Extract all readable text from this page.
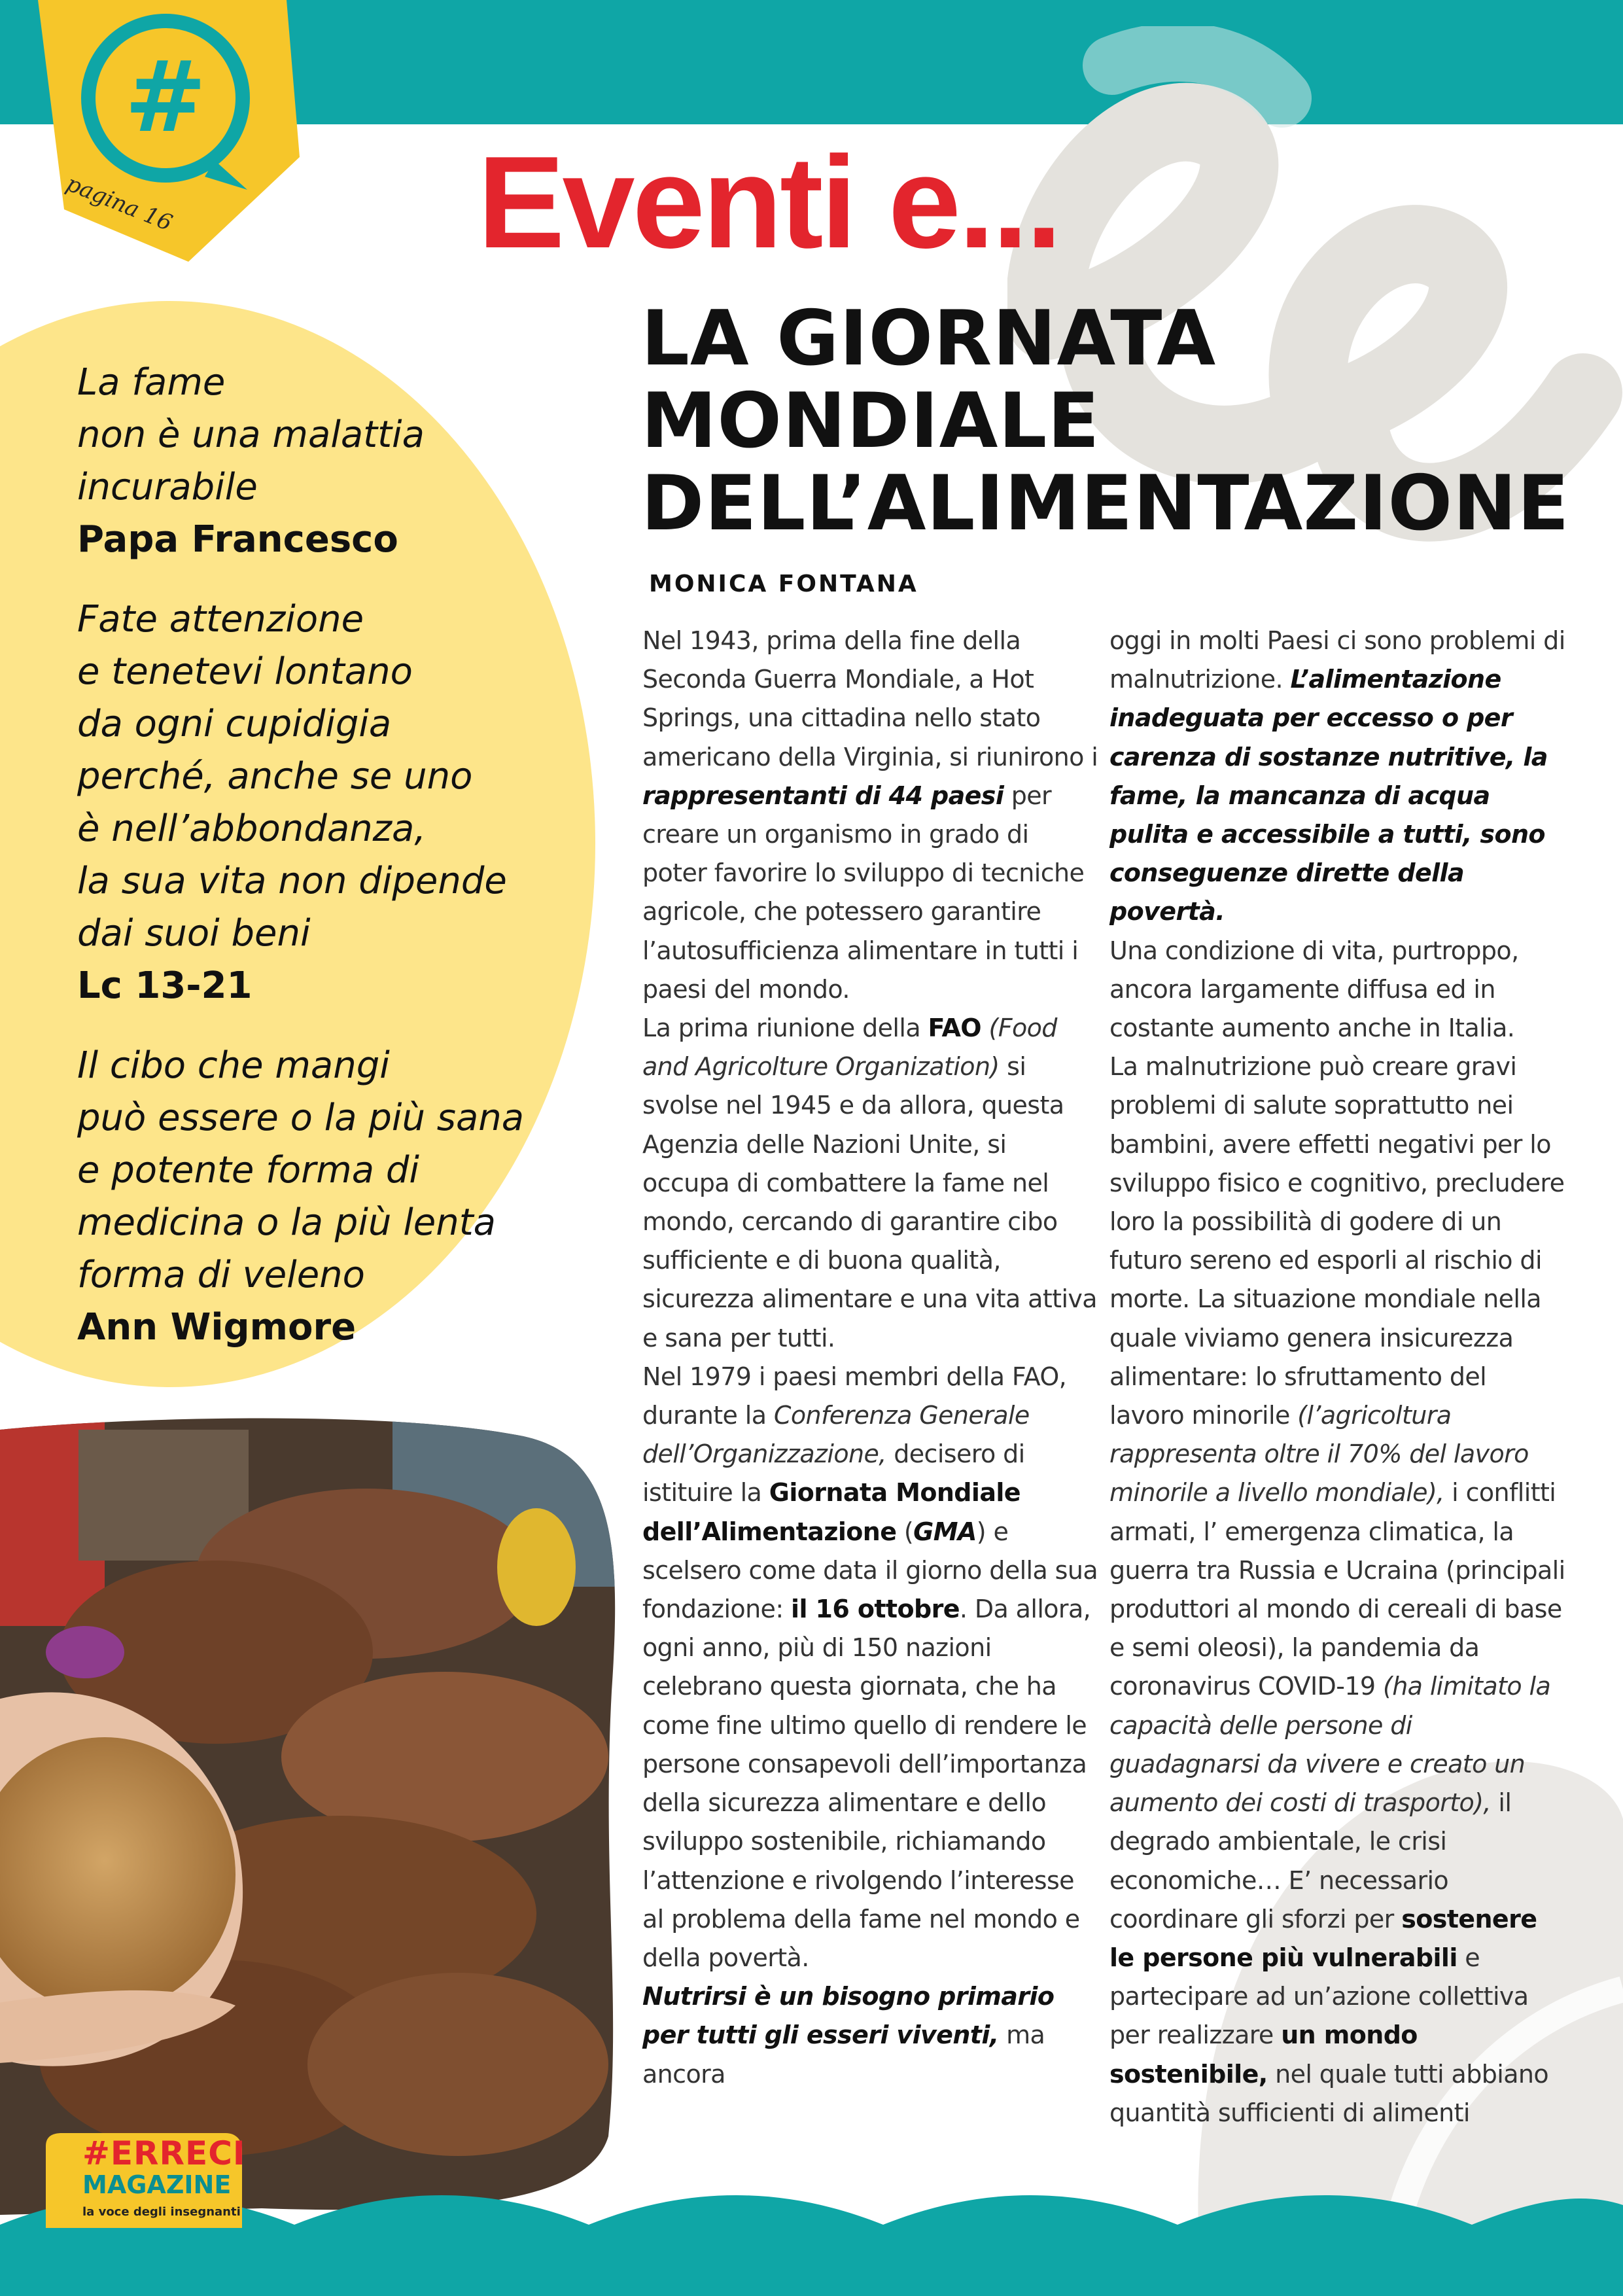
#
pagina 16 Eventi e...
LA GIORNATA
MONDIALE
DELL’ALIMENTAZIONE
MONICA FONTANA

La fame
non è una malattia
incurabile

Papa Francesco

Fate attenzione
e tenetevi lontano
da ogni cupidigia
perché, anche se uno
è nell’abbondanza,
la sua vita non dipende
dai suoi beni

Lc 13-21

Il cibo che mangi
può essere o la più sana
e potente forma di
medicina o la più lenta
forma di veleno

Ann Wigmore

#ERRECI
MAGAZINE
la voce degli insegnanti

Nel 1943, prima della fine della Seconda Guerra Mondiale, a Hot Springs, una cittadina nello stato americano della Virginia, si riunirono i rappresentanti di 44 paesi per creare un organismo in grado di poter favorire lo sviluppo di tecniche agricole, che potessero garantire l’autosufficienza alimentare in tutti i paesi del mondo.

La prima riunione della FAO (Food and Agricolture Organization) si svolse nel 1945 e da allora, questa Agenzia delle Nazioni Unite, si occupa di combattere la fame nel mondo, cercando di garantire cibo sufficiente e di buona qualità, sicurezza alimentare e una vita attiva e sana per tutti.

Nel 1979 i paesi membri della FAO, durante la Conferenza Generale dell’Organizzazione, decisero di istituire la Giornata Mondiale dell’Alimentazione (GMA) e scelsero come data il giorno della sua fondazione: il 16 ottobre. Da allora, ogni anno, più di 150 nazioni celebrano questa giornata, che ha come fine ultimo quello di rendere le persone consapevoli dell’importanza della sicurezza alimentare e dello sviluppo sostenibile, richiamando l’attenzione e rivolgendo l’interesse al problema della fame nel mondo e della povertà.

Nutrirsi è un bisogno primario per tutti gli esseri viventi, ma ancora

oggi in molti Paesi ci sono problemi di malnutrizione. L’alimentazione inadeguata per eccesso o per carenza di sostanze nutritive, la fame, la mancanza di acqua pulita e accessibile a tutti, sono conseguenze dirette della povertà.

Una condizione di vita, purtroppo, ancora largamente diffusa ed in costante aumento anche in Italia.

La malnutrizione può creare gravi problemi di salute soprattutto nei bambini, avere effetti negativi per lo sviluppo fisico e cognitivo, precludere loro la possibilità di godere di un futuro sereno ed esporli al rischio di morte. La situazione mondiale nella quale viviamo genera insicurezza alimentare: lo sfruttamento del lavoro minorile (l’agricoltura rappresenta oltre il 70% del lavoro minorile a livello mondiale), i conflitti armati, l’ emergenza climatica, la guerra tra Russia e Ucraina (principali produttori al mondo di cereali di base e semi oleosi), la pandemia da coronavirus COVID-19 (ha limitato la capacità delle persone di guadagnarsi da vivere e creato un aumento dei costi di trasporto), il degrado ambientale, le crisi economiche… E’ necessario coordinare gli sforzi per sostenere le persone più vulnerabili e partecipare ad un’azione collettiva per realizzare un mondo sostenibile, nel quale tutti abbiano quantità sufficienti di alimenti
